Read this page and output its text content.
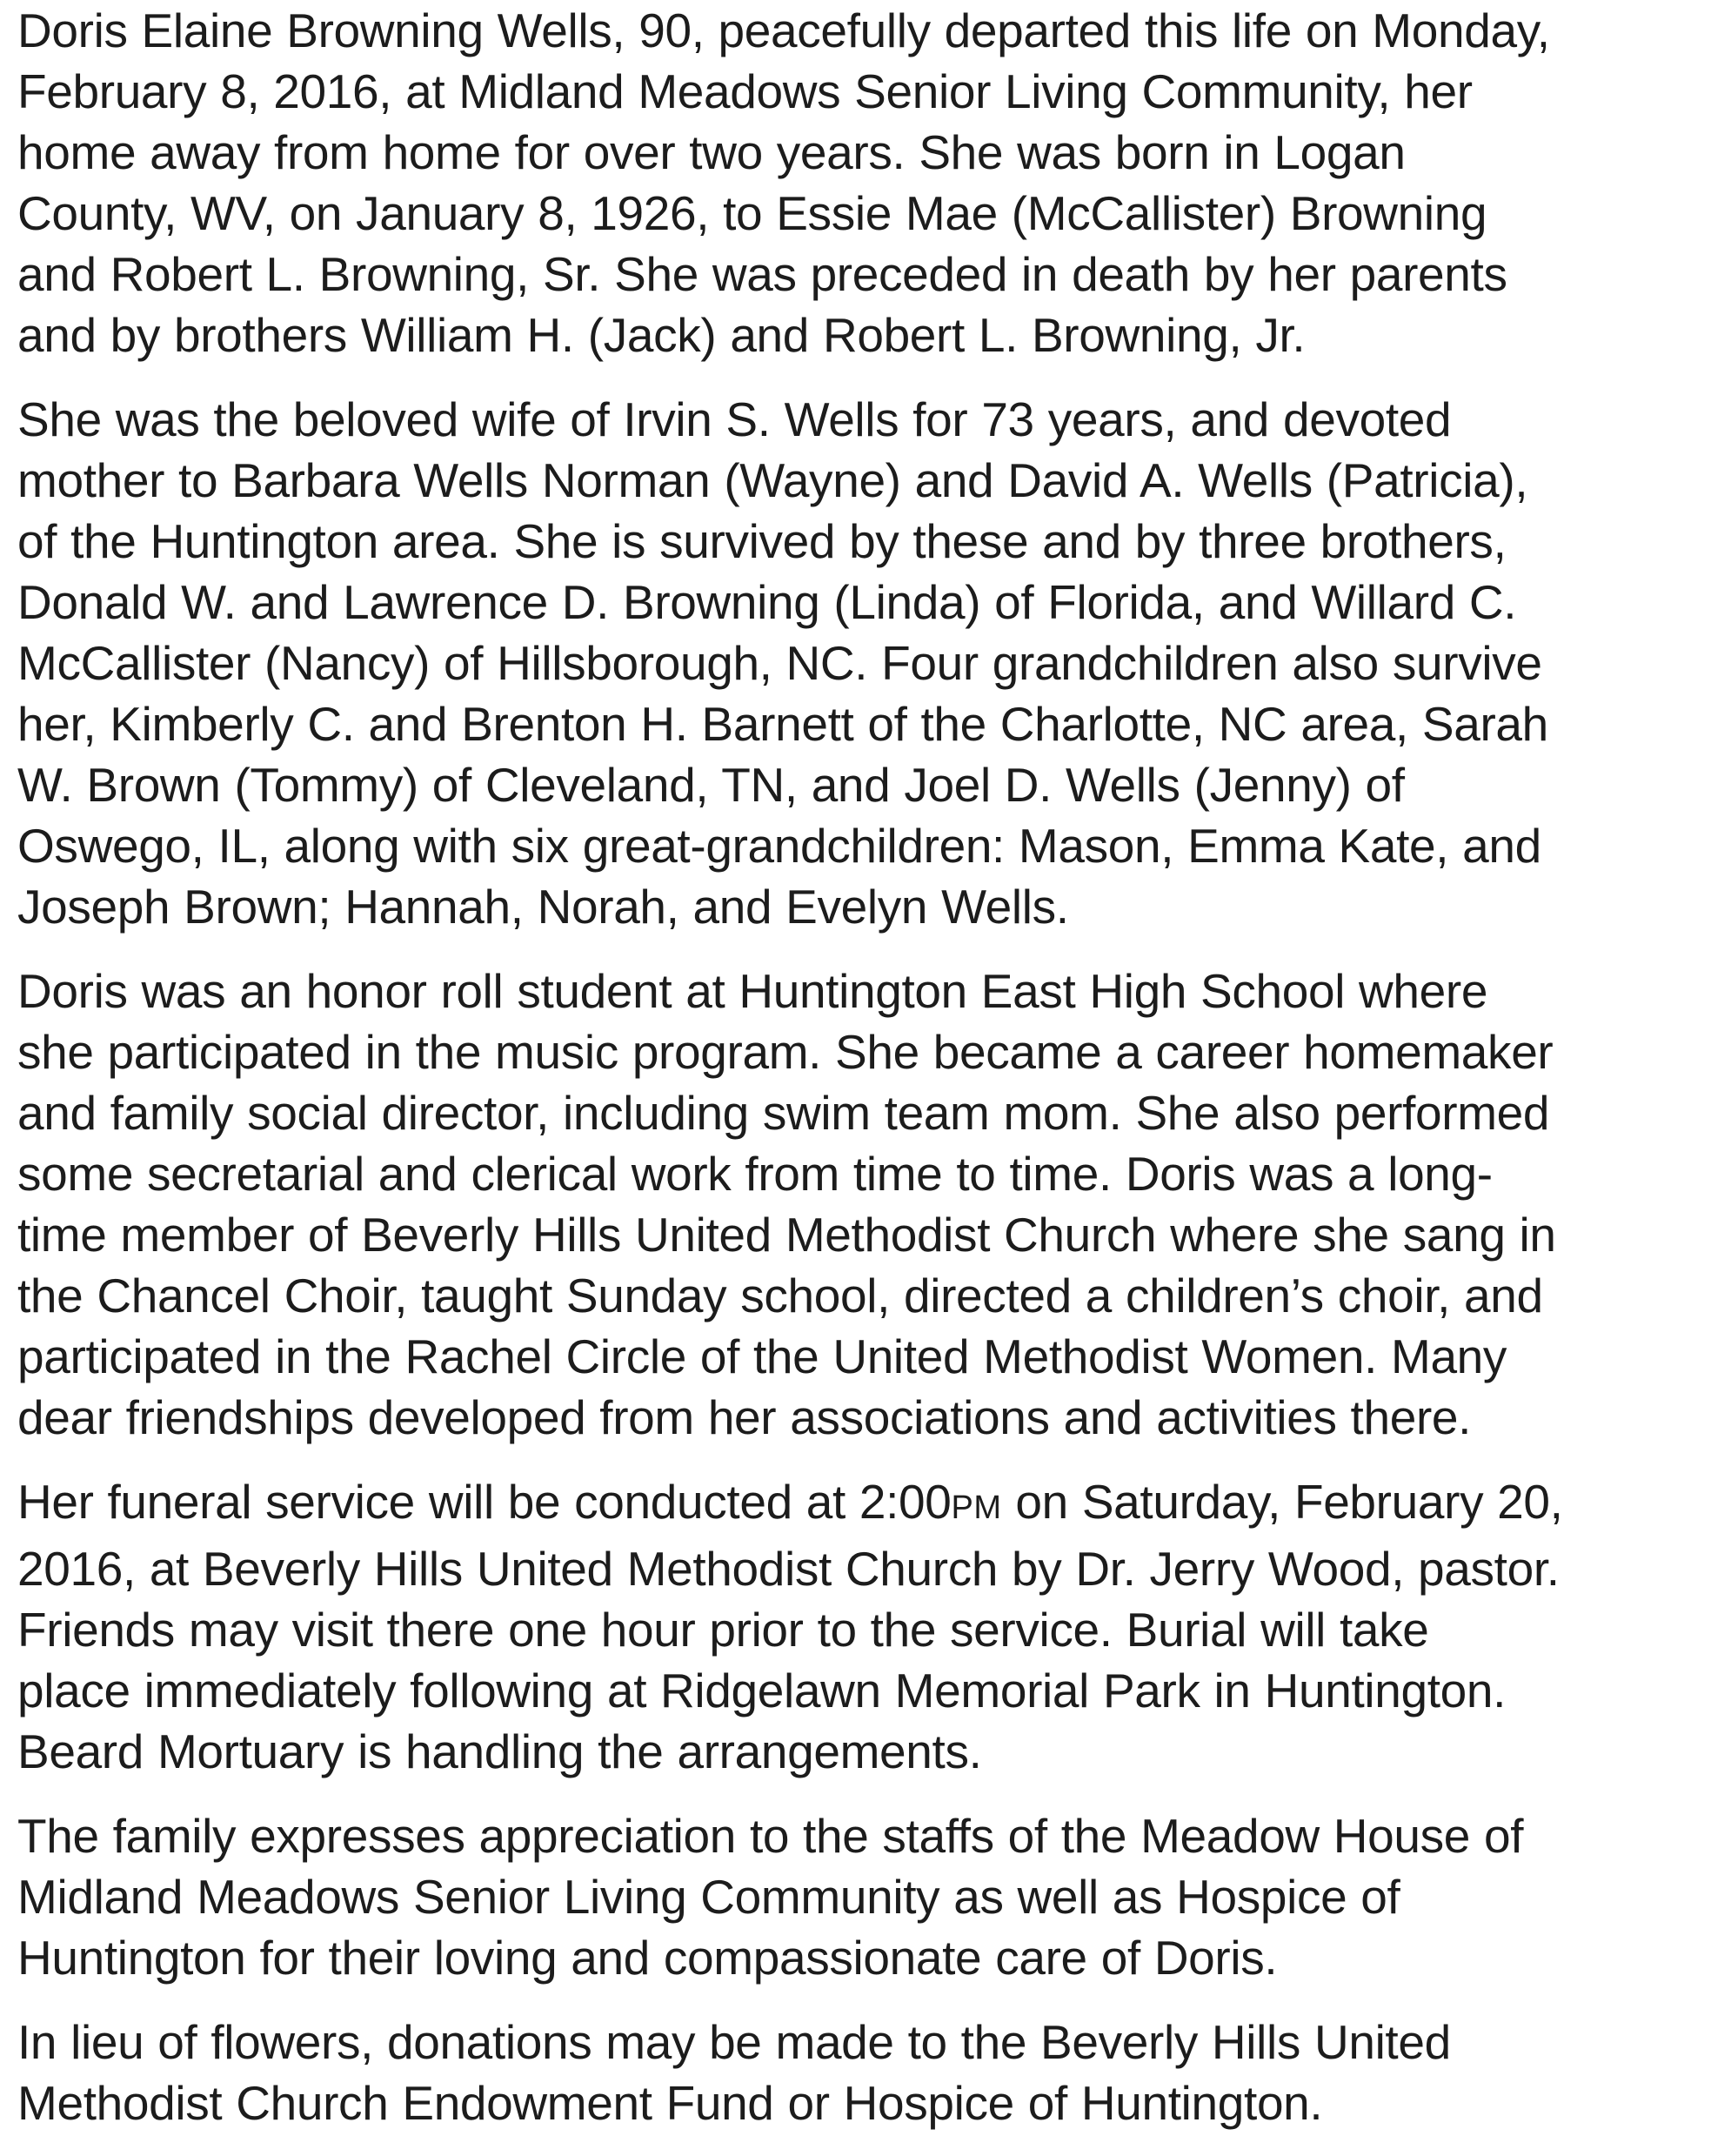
Doris Elaine Browning Wells, 90, peacefully departed this life on Monday,
February 8, 2016, at Midland Meadows Senior Living Community, her
home away from home for over two years. She was born in Logan
County, WV, on January 8, 1926, to Essie Mae (McCallister) Browning
and Robert L. Browning, Sr. She was preceded in death by her parents
and by brothers William H. (Jack) and Robert L. Browning, Jr.

She was the beloved wife of Irvin S. Wells for 73 years, and devoted
mother to Barbara Wells Norman (Wayne) and David A. Wells (Patricia),
of the Huntington area. She is survived by these and by three brothers,
Donald W. and Lawrence D. Browning (Linda) of Florida, and Willard C.
McCallister (Nancy) of Hillsborough, NC. Four grandchildren also survive
her, Kimberly C. and Brenton H. Barnett of the Charlotte, NC area, Sarah
W. Brown (Tommy) of Cleveland, TN, and Joel D. Wells (Jenny) of
Oswego, IL, along with six great-grandchildren: Mason, Emma Kate, and
Joseph Brown; Hannah, Norah, and Evelyn Wells.

Doris was an honor roll student at Huntington East High School where
she participated in the music program. She became a career homemaker
and family social director, including swim team mom. She also performed
some secretarial and clerical work from time to time. Doris was a long-
time member of Beverly Hills United Methodist Church where she sang in
the Chancel Choir, taught Sunday school, directed a children’s choir, and
participated in the Rachel Circle of the United Methodist Women. Many
dear friendships developed from her associations and activities there.

Her funeral service will be conducted at 2:00PM on Saturday, February 20,
2016, at Beverly Hills United Methodist Church by Dr. Jerry Wood, pastor.
Friends may visit there one hour prior to the service. Burial will take
place immediately following at Ridgelawn Memorial Park in Huntington.
Beard Mortuary is handling the arrangements.

The family expresses appreciation to the staffs of the Meadow House of
Midland Meadows Senior Living Community as well as Hospice of
Huntington for their loving and compassionate care of Doris.

In lieu of flowers, donations may be made to the Beverly Hills United
Methodist Church Endowment Fund or Hospice of Huntington.
